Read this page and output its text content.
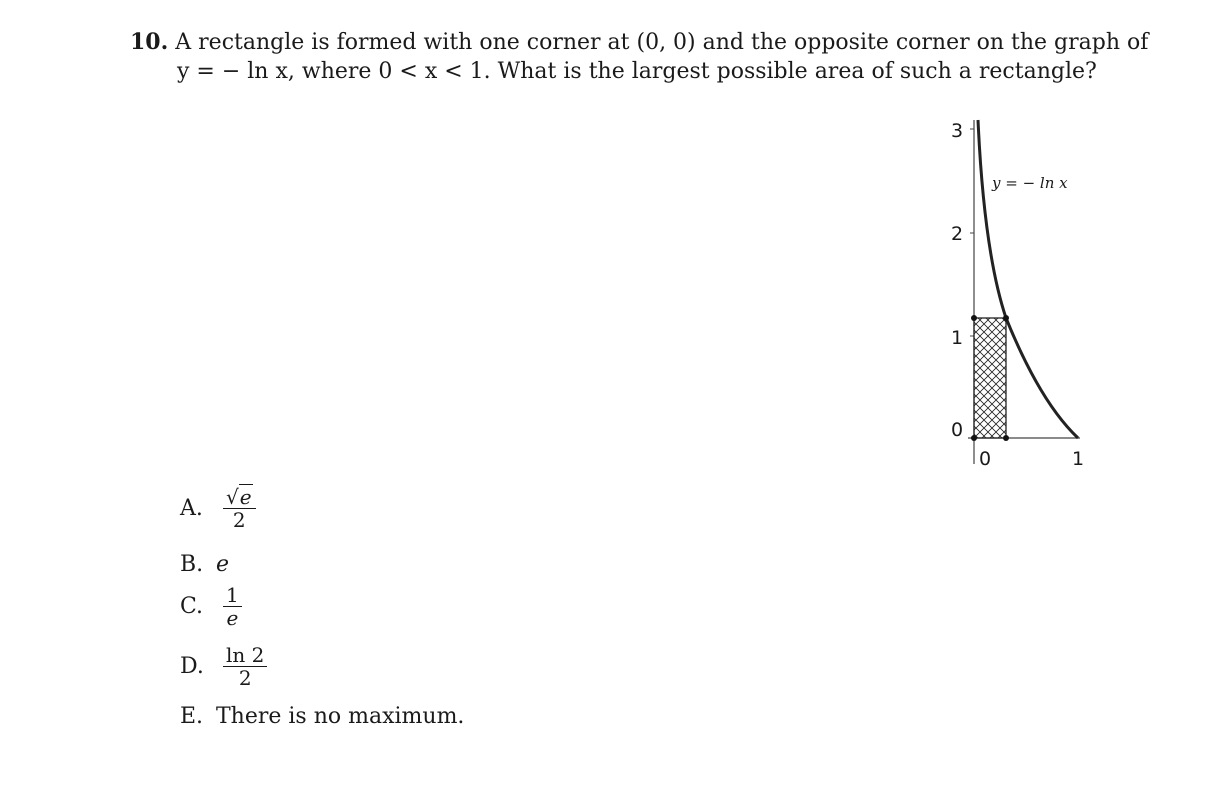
10. A rectangle is formed with one corner at (0, 0) and the opposite corner on the graph of
y = − ln x, where 0 < x < 1. What is the largest possible area of such a rectangle?
3
2
1
0
0	1
y = − ln x
A. $\frac{√e}{2}$
B. e
C. $\frac{1}{e}$
D. $\frac{\ln 2}{2}$
E. There is no maximum.
